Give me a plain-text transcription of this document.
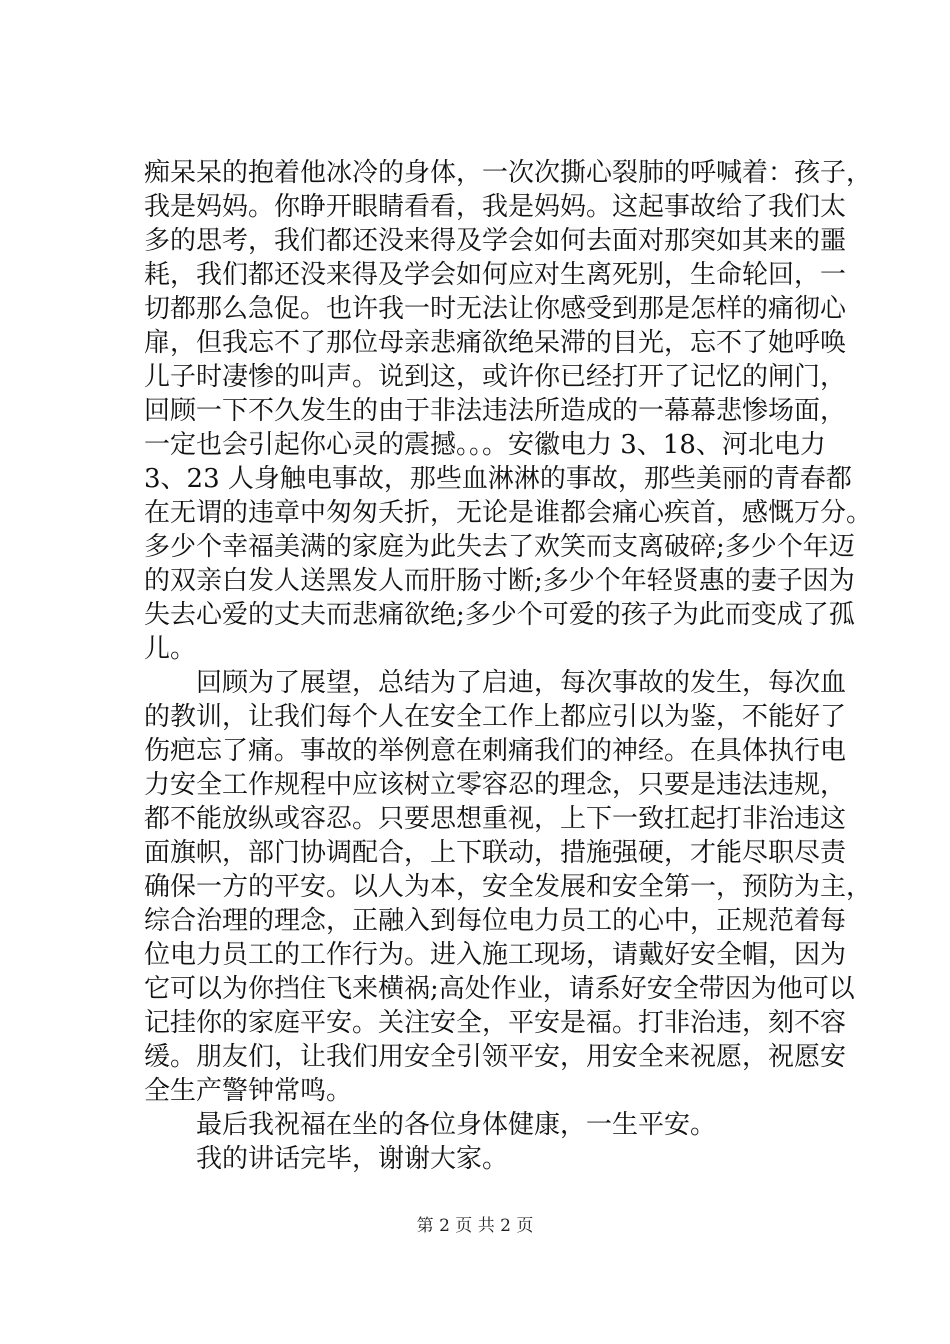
痴呆呆的抱着他冰冷的身体，一次次撕心裂肺的呼喊着：孩子，
我是妈妈。你睁开眼睛看看，我是妈妈。这起事故给了我们太
多的思考，我们都还没来得及学会如何去面对那突如其来的噩
耗，我们都还没来得及学会如何应对生离死别，生命轮回，一
切都那么急促。也许我一时无法让你感受到那是怎样的痛彻心
扉，但我忘不了那位母亲悲痛欲绝呆滞的目光，忘不了她呼唤
儿子时凄惨的叫声。说到这，或许你已经打开了记忆的闸门，
回顾一下不久发生的由于非法违法所造成的一幕幕悲惨场面，
一定也会引起你心灵的震撼。。。安徽电力 3、18、河北电力
3、23 人身触电事故，那些血淋淋的事故，那些美丽的青春都
在无谓的违章中匆匆夭折，无论是谁都会痛心疾首，感慨万分。
多少个幸福美满的家庭为此失去了欢笑而支离破碎;多少个年迈
的双亲白发人送黑发人而肝肠寸断;多少个年轻贤惠的妻子因为
失去心爱的丈夫而悲痛欲绝;多少个可爱的孩子为此而变成了孤
儿。
　　回顾为了展望，总结为了启迪，每次事故的发生，每次血
的教训，让我们每个人在安全工作上都应引以为鉴，不能好了
伤疤忘了痛。事故的举例意在刺痛我们的神经。在具体执行电
力安全工作规程中应该树立零容忍的理念，只要是违法违规，
都不能放纵或容忍。只要思想重视，上下一致扛起打非治违这
面旗帜，部门协调配合，上下联动，措施强硬，才能尽职尽责
确保一方的平安。以人为本，安全发展和安全第一，预防为主，
综合治理的理念，正融入到每位电力员工的心中，正规范着每
位电力员工的工作行为。进入施工现场，请戴好安全帽，因为
它可以为你挡住飞来横祸;高处作业，请系好安全带因为他可以
记挂你的家庭平安。关注安全，平安是福。打非治违，刻不容
缓。朋友们，让我们用安全引领平安，用安全来祝愿，祝愿安
全生产警钟常鸣。
　　最后我祝福在坐的各位身体健康，一生平安。
　　我的讲话完毕，谢谢大家。
第 2 页 共 2 页
